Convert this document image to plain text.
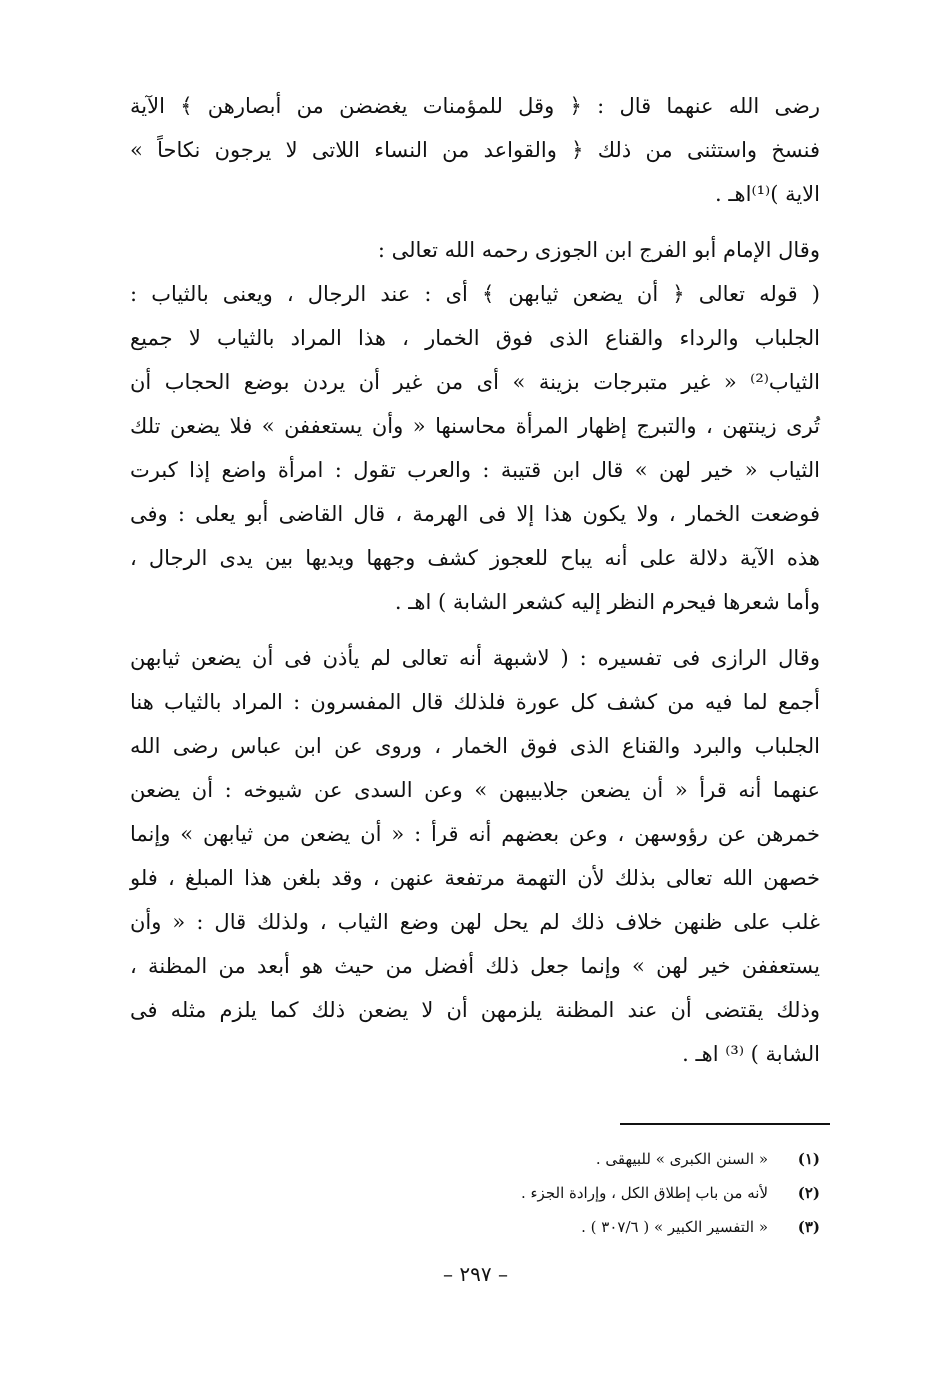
رضى الله عنهما قال : ﴿ وقل للمؤمنات يغضضن من أبصارهن ﴾ الآية
فنسخ واستثنى من ذلك ﴿ والقواعد من النساء اللاتى لا يرجون نكاحاً »
الاية )⁽¹⁾اهـ .
وقال الإمام أبو الفرج ابن الجوزى رحمه الله تعالى :
( قوله تعالى ﴿ أن يضعن ثيابهن ﴾ أى : عند الرجال ، ويعنى بالثياب :
الجلباب والرداء والقناع الذى فوق الخمار ، هذا المراد بالثياب لا جميع
الثياب⁽²⁾ « غير متبرجات بزينة » أى من غير أن يردن بوضع الحجاب أن
تُرى زينتهن ، والتبرج إظهار المرأة محاسنها « وأن يستعففن » فلا يضعن تلك
الثياب « خير لهن » قال ابن قتيبة : والعرب تقول : امرأة واضع إذا كبرت
فوضعت الخمار ، ولا يكون هذا إلا فى الهرمة ، قال القاضى أبو يعلى : وفى
هذه الآية دلالة على أنه يباح للعجوز كشف وجهها ويديها بين يدى الرجال ،
وأما شعرها فيحرم النظر إليه كشعر الشابة ) اهـ .
وقال الرازى فى تفسيره : ( لاشبهة أنه تعالى لم يأذن فى أن يضعن ثيابهن
أجمع لما فيه من كشف كل عورة فلذلك قال المفسرون : المراد بالثياب هنا
الجلباب والبرد والقناع الذى فوق الخمار ، وروى عن ابن عباس رضى الله
عنهما أنه قرأ « أن يضعن جلابيبهن » وعن السدى عن شيوخه : أن يضعن
خمرهن عن رؤوسهن ، وعن بعضهم أنه قرأ : « أن يضعن من ثيابهن » وإنما
خصهن الله تعالى بذلك لأن التهمة مرتفعة عنهن ، وقد بلغن هذا المبلغ ، فلو
غلب على ظنهن خلاف ذلك لم يحل لهن وضع الثياب ، ولذلك قال : « وأن
يستعففن خير لهن » وإنما جعل ذلك أفضل من حيث هو أبعد من المظنة ،
وذلك يقتضى أن عند المظنة يلزمهن أن لا يضعن ذلك كما يلزم مثله فى
الشابة ) ⁽³⁾ اهـ .
(١)
« السنن الكبرى » للبيهقى .
(٢)
لأنه من باب إطلاق الكل ، وإرادة الجزء .
(٣)
« التفسير الكبير » ( ٣٠٧/٦ ) .
– ٢٩٧ –
